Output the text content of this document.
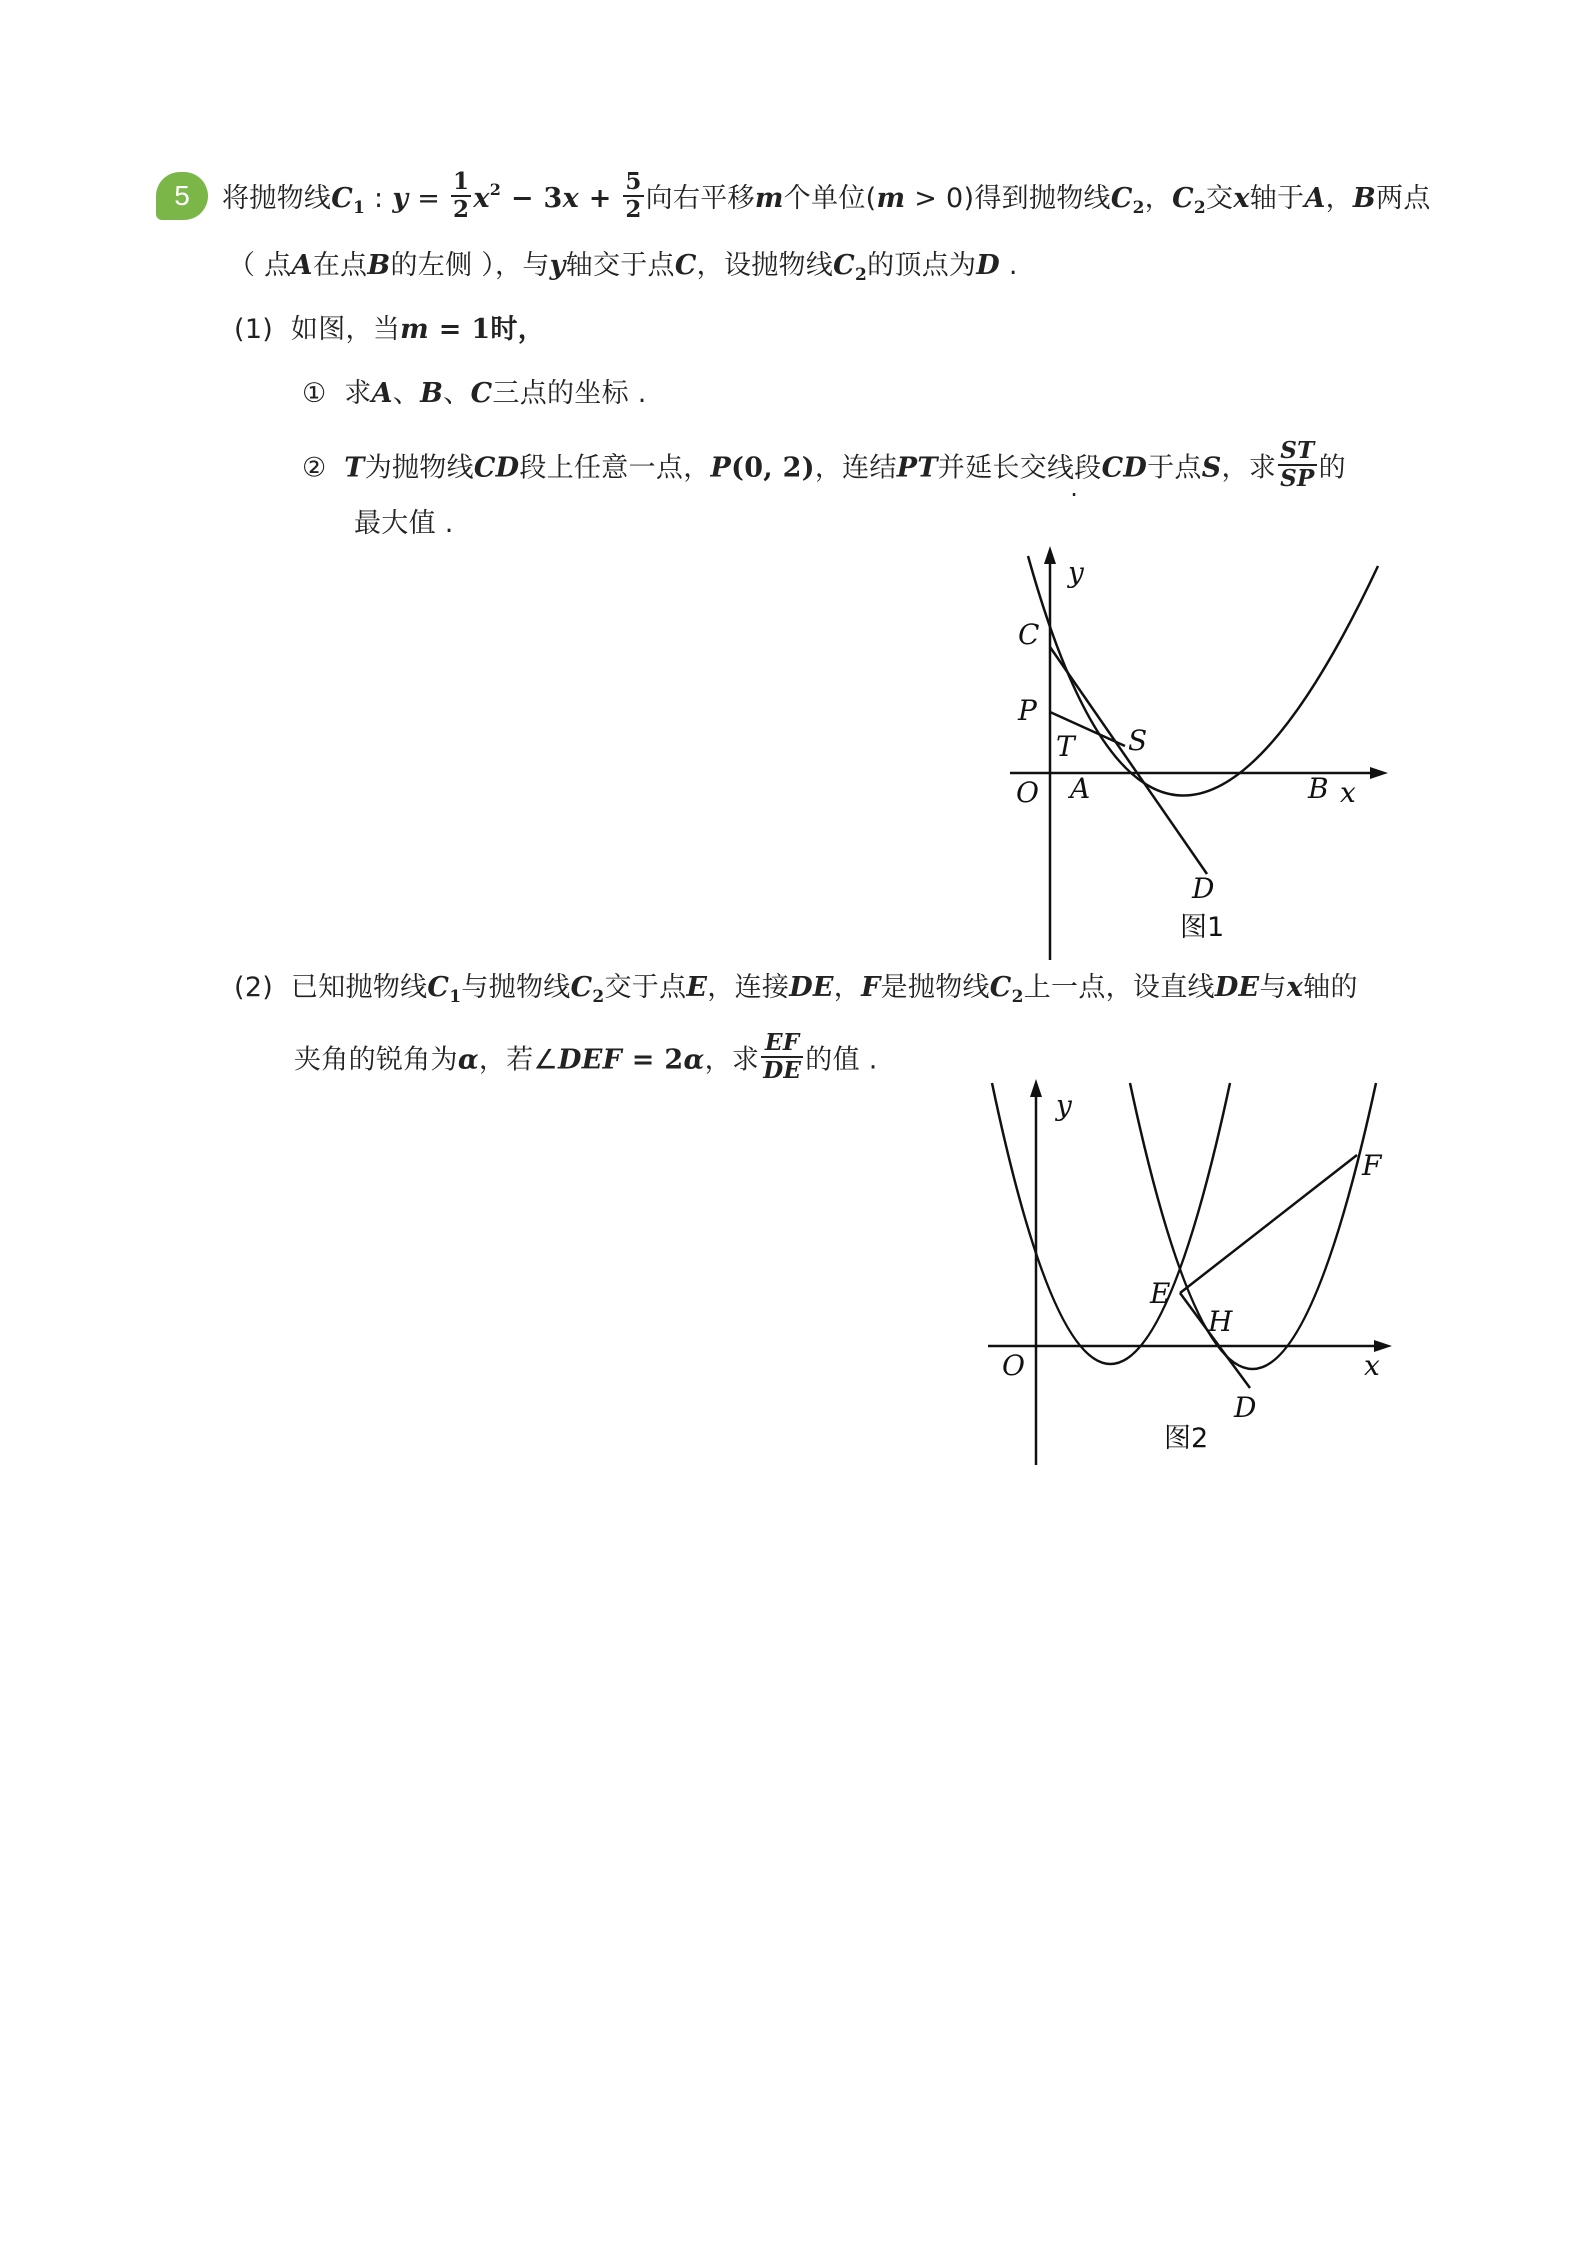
5	将抛物线$C_1$ : $y = \frac{1}{2} x^2 - 3x + \frac{5}{2}$ 向右平移m个单位(m > 0)得到抛物线$C_2$，$C_2$交x轴于A，B两点
（ 点A在点B的左侧 ），与y轴交于点C，设抛物线$C_2$的顶点为D .
(1) 如图，当m = 1时，
① 求A、B、C三点的坐标 .
② T为抛物线CD段上任意一点，P(0, 2)，连结PT并延长交线段CD于点S，求 $\frac{ST}{SP}$ 的
最大值 .
y
C
P
T S
O A	B x
D
图1
(2) 已知抛物线$C_1$与抛物线$C_2$交于点E，连接DE，F是抛物线$C_2$上一点，设直线DE与x轴的
夹角的锐角为α，若∠DEF = 2α，求 $\frac{EF}{DE}$ 的值 .
y
E
H
F
O	x
D
图2
